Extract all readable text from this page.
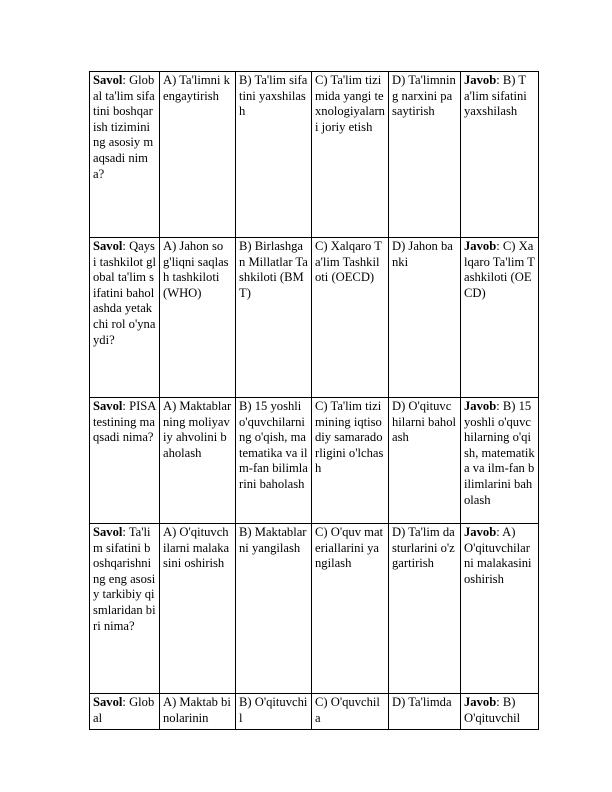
Savol: Global ta'lim sifatini boshqarish tizimining asosiy maqsadi nima?	A) Ta'limni kengaytirish	B) Ta'lim sifatini yaxshilash	C) Ta'lim tizimida yangi texnologiyalarni joriy etish	D) Ta'limning narxini pasaytirish	Javob: B) Ta'lim sifatini yaxshilash
Savol: Qaysi tashkilot global ta'lim sifatini baholashda yetakchi rol o'ynaydi?	A) Jahon sog'liqni saqlash tashkiloti (WHO)	B) Birlashgan Millatlar Tashkiloti (BMT)	C) Xalqaro Ta'lim Tashkiloti (OECD)	D) Jahon banki	Javob: C) Xalqaro Ta'lim Tashkiloti (OECD)
Savol: PISA testining maqsadi nima?	A) Maktablarning moliyaviy ahvolini baholash	B) 15 yoshli o'quvchilarning o'qish, matematika va ilm-fan bilimlarini baholash	C) Ta'lim tizimining iqtisodiy samaradorligini o'lchash	D) O'qituvchilarni baholash	Javob: B) 15 yoshli o'quvchilarning o'qish, matematika va ilm-fan bilimlarini baholash
Savol: Ta'lim sifatini boshqarishning eng asosiy tarkibiy qismlaridan biri nima?	A) O'qituvchilarni malakasini oshirish	B) Maktablarni yangilash	C) O'quv materiallarini yangilash	D) Ta'lim dasturlarini o'zgartirish	Javob: A) O'qituvchilarni malakasini oshirish
Savol: Global	A) Maktab binolarinin	B) O'qituvchil	C) O'quvchila	D) Ta'limda	Javob: B) O'qituvchil
